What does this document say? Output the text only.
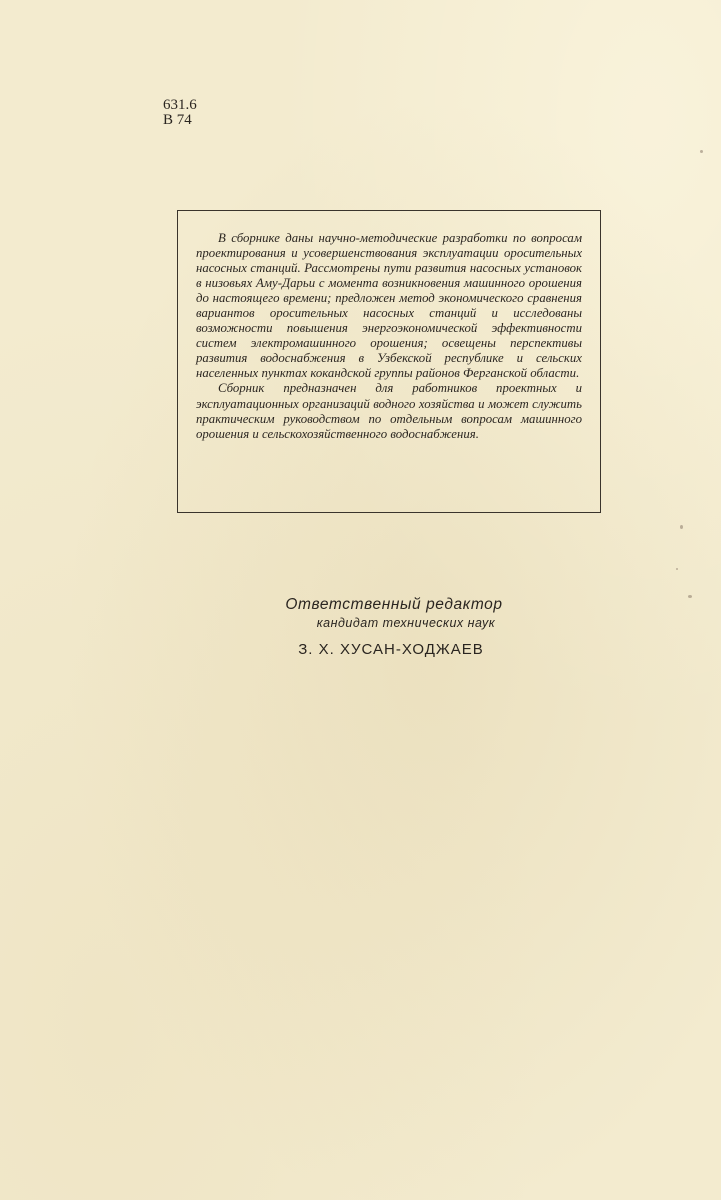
631.6
В 74

В сборнике даны научно-методические разработки по вопросам проектирования и усовершенствования эксплуатации оросительных насосных станций. Рассмотрены пути развития насосных установок в низовьях Аму-Дарьи с момента возникновения машинного орошения до настоящего времени; предложен метод экономического сравнения вариантов оросительных насосных станций и исследованы возможности повышения энергоэкономической эффективности систем электромашинного орошения; освещены перспективы развития водоснабжения в Узбекской республике и сельских населенных пунктах кокандской группы районов Ферганской области.

Сборник предназначен для работников проектных и эксплуатационных организаций водного хозяйства и может служить практическим руководством по отдельным вопросам машинного орошения и сельскохозяйственного водоснабжения.

Ответственный редактор
кандидат технических наук
З. Х. ХУСАН-ХОДЖАЕВ
